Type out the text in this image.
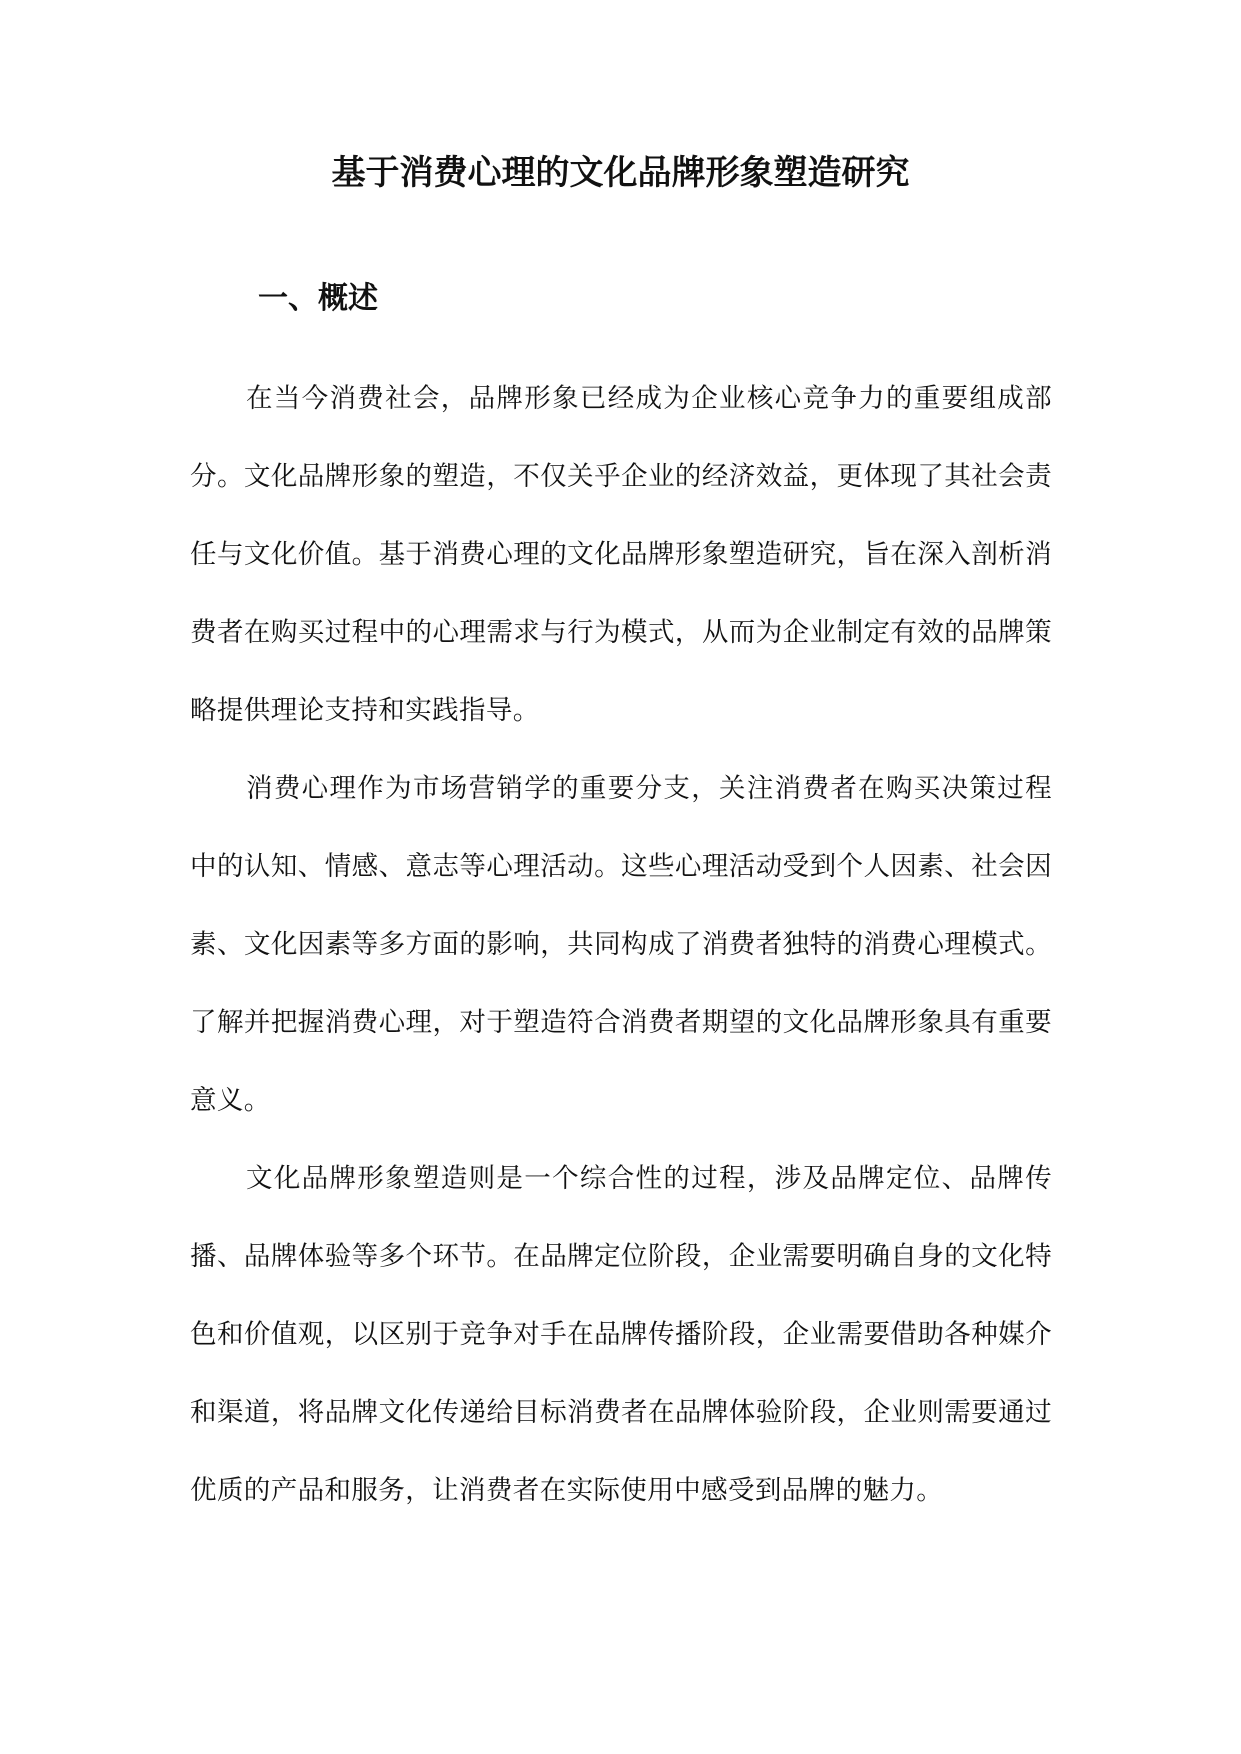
基于消费心理的文化品牌形象塑造研究
一、概述

在当今消费社会，品牌形象已经成为企业核心竞争力的重要组成部分。文化品牌形象的塑造，不仅关乎企业的经济效益，更体现了其社会责任与文化价值。基于消费心理的文化品牌形象塑造研究，旨在深入剖析消费者在购买过程中的心理需求与行为模式，从而为企业制定有效的品牌策略提供理论支持和实践指导。

消费心理作为市场营销学的重要分支，关注消费者在购买决策过程中的认知、情感、意志等心理活动。这些心理活动受到个人因素、社会因素、文化因素等多方面的影响，共同构成了消费者独特的消费心理模式。了解并把握消费心理，对于塑造符合消费者期望的文化品牌形象具有重要意义。

文化品牌形象塑造则是一个综合性的过程，涉及品牌定位、品牌传播、品牌体验等多个环节。在品牌定位阶段，企业需要明确自身的文化特色和价值观，以区别于竞争对手在品牌传播阶段，企业需要借助各种媒介和渠道，将品牌文化传递给目标消费者在品牌体验阶段，企业则需要通过优质的产品和服务，让消费者在实际使用中感受到品牌的魅力。
